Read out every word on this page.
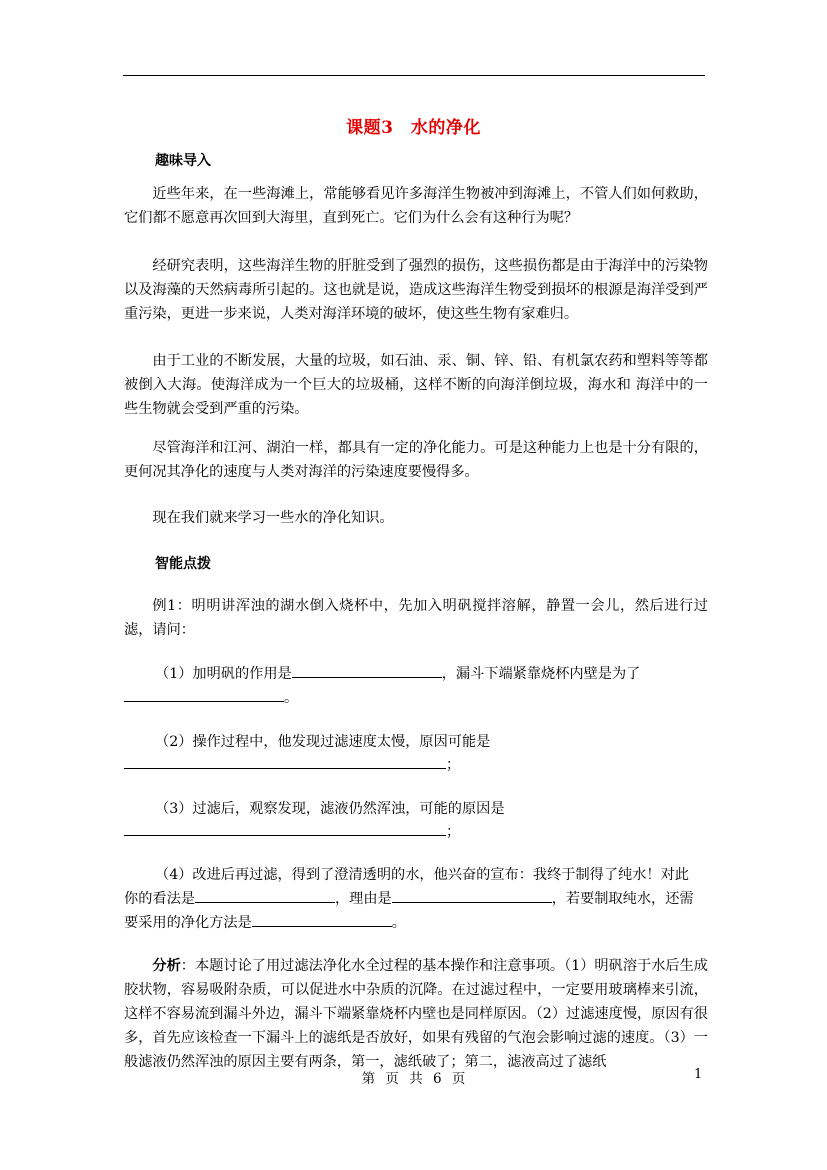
课题3　水的净化
趣味导入
近些年来，在一些海滩上，常能够看见许多海洋生物被冲到海滩上，不管人们如何救助，它们都不愿意再次回到大海里，直到死亡。它们为什么会有这种行为呢？
经研究表明，这些海洋生物的肝脏受到了强烈的损伤，这些损伤都是由于海洋中的污染物以及海藻的天然病毒所引起的。这也就是说，造成这些海洋生物受到损坏的根源是海洋受到严重污染，更进一步来说，人类对海洋环境的破坏，使这些生物有家难归。
由于工业的不断发展，大量的垃圾，如石油、汞、铜、锌、铅、有机氯农药和塑料等等都被倒入大海。使海洋成为一个巨大的垃圾桶，这样不断的向海洋倒垃圾，海水和 海洋中的一些生物就会受到严重的污染。
尽管海洋和江河、湖泊一样，都具有一定的净化能力。可是这种能力上也是十分有限的，更何况其净化的速度与人类对海洋的污染速度要慢得多。
现在我们就来学习一些水的净化知识。
智能点拨
例1：明明讲浑浊的湖水倒入烧杯中，先加入明矾搅拌溶解，静置一会儿，然后进行过滤，请问：
（1）加明矾的作用是	，漏斗下端紧靠烧杯内壁是为了
。
（2）操作过程中，他发现过滤速度太慢，原因可能是
；
（3）过滤后，观察发现，滤液仍然浑浊，可能的原因是
；
（4）改进后再过滤，得到了澄清透明的水，他兴奋的宣布：我终于制得了纯水！对此
你的看法是	，理由是	，若要制取纯水，还需
要采用的净化方法是	。
分析：本题讨论了用过滤法净化水全过程的基本操作和注意事项。（1）明矾溶于水后生成胶状物，容易吸附杂质，可以促进水中杂质的沉降。在过滤过程中，一定要用玻璃棒来引流，这样不容易流到漏斗外边，漏斗下端紧靠烧杯内壁也是同样原因。（2）过滤速度慢，原因有很多，首先应该检查一下漏斗上的滤纸是否放好，如果有残留的气泡会影响过滤的速度。（3）一般滤液仍然浑浊的原因主要有两条，第一，滤纸破了；第二，滤液高过了滤纸
第 页 共 6 页	1
